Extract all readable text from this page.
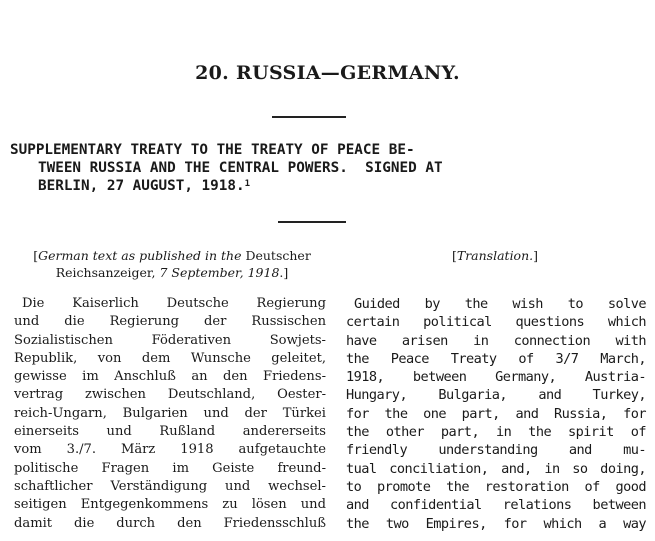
20. RUSSIA—GERMANY.
SUPPLEMENTARY TREATY TO THE TREATY OF PEACE BE-
TWEEN RUSSIA AND THE CENTRAL POWERS.  SIGNED AT
BERLIN, 27 AUGUST, 1918.$^1$
[German text as published in the Deutscher
Reichsanzeiger, 7 September, 1918.]
[Translation.]
Die Kaiserlich Deutsche Regierung
und die Regierung der Russischen
Sozialistischen Föderativen Sowjets-
Republik, von dem Wunsche geleitet,
gewisse im Anschluß an den Friedens-
vertrag zwischen Deutschland, Oester-
reich-Ungarn, Bulgarien und der Türkei
einerseits und Rußland andererseits
vom 3./7. März 1918 aufgetauchte
politische Fragen im Geiste freund-
schaftlicher Verständigung und wechsel-
seitigen Entgegenkommens zu lösen und
damit die durch den Friedensschluß
Guided by the wish to solve
certain political questions which
have arisen in connection with
the Peace Treaty of 3/7 March,
1918, between Germany, Austria-
Hungary, Bulgaria, and Turkey,
for the one part, and Russia, for
the other part, in the spirit of
friendly understanding and mu-
tual conciliation, and, in so doing,
to promote the restoration of good
and confidential relations between
the two Empires, for which a way
